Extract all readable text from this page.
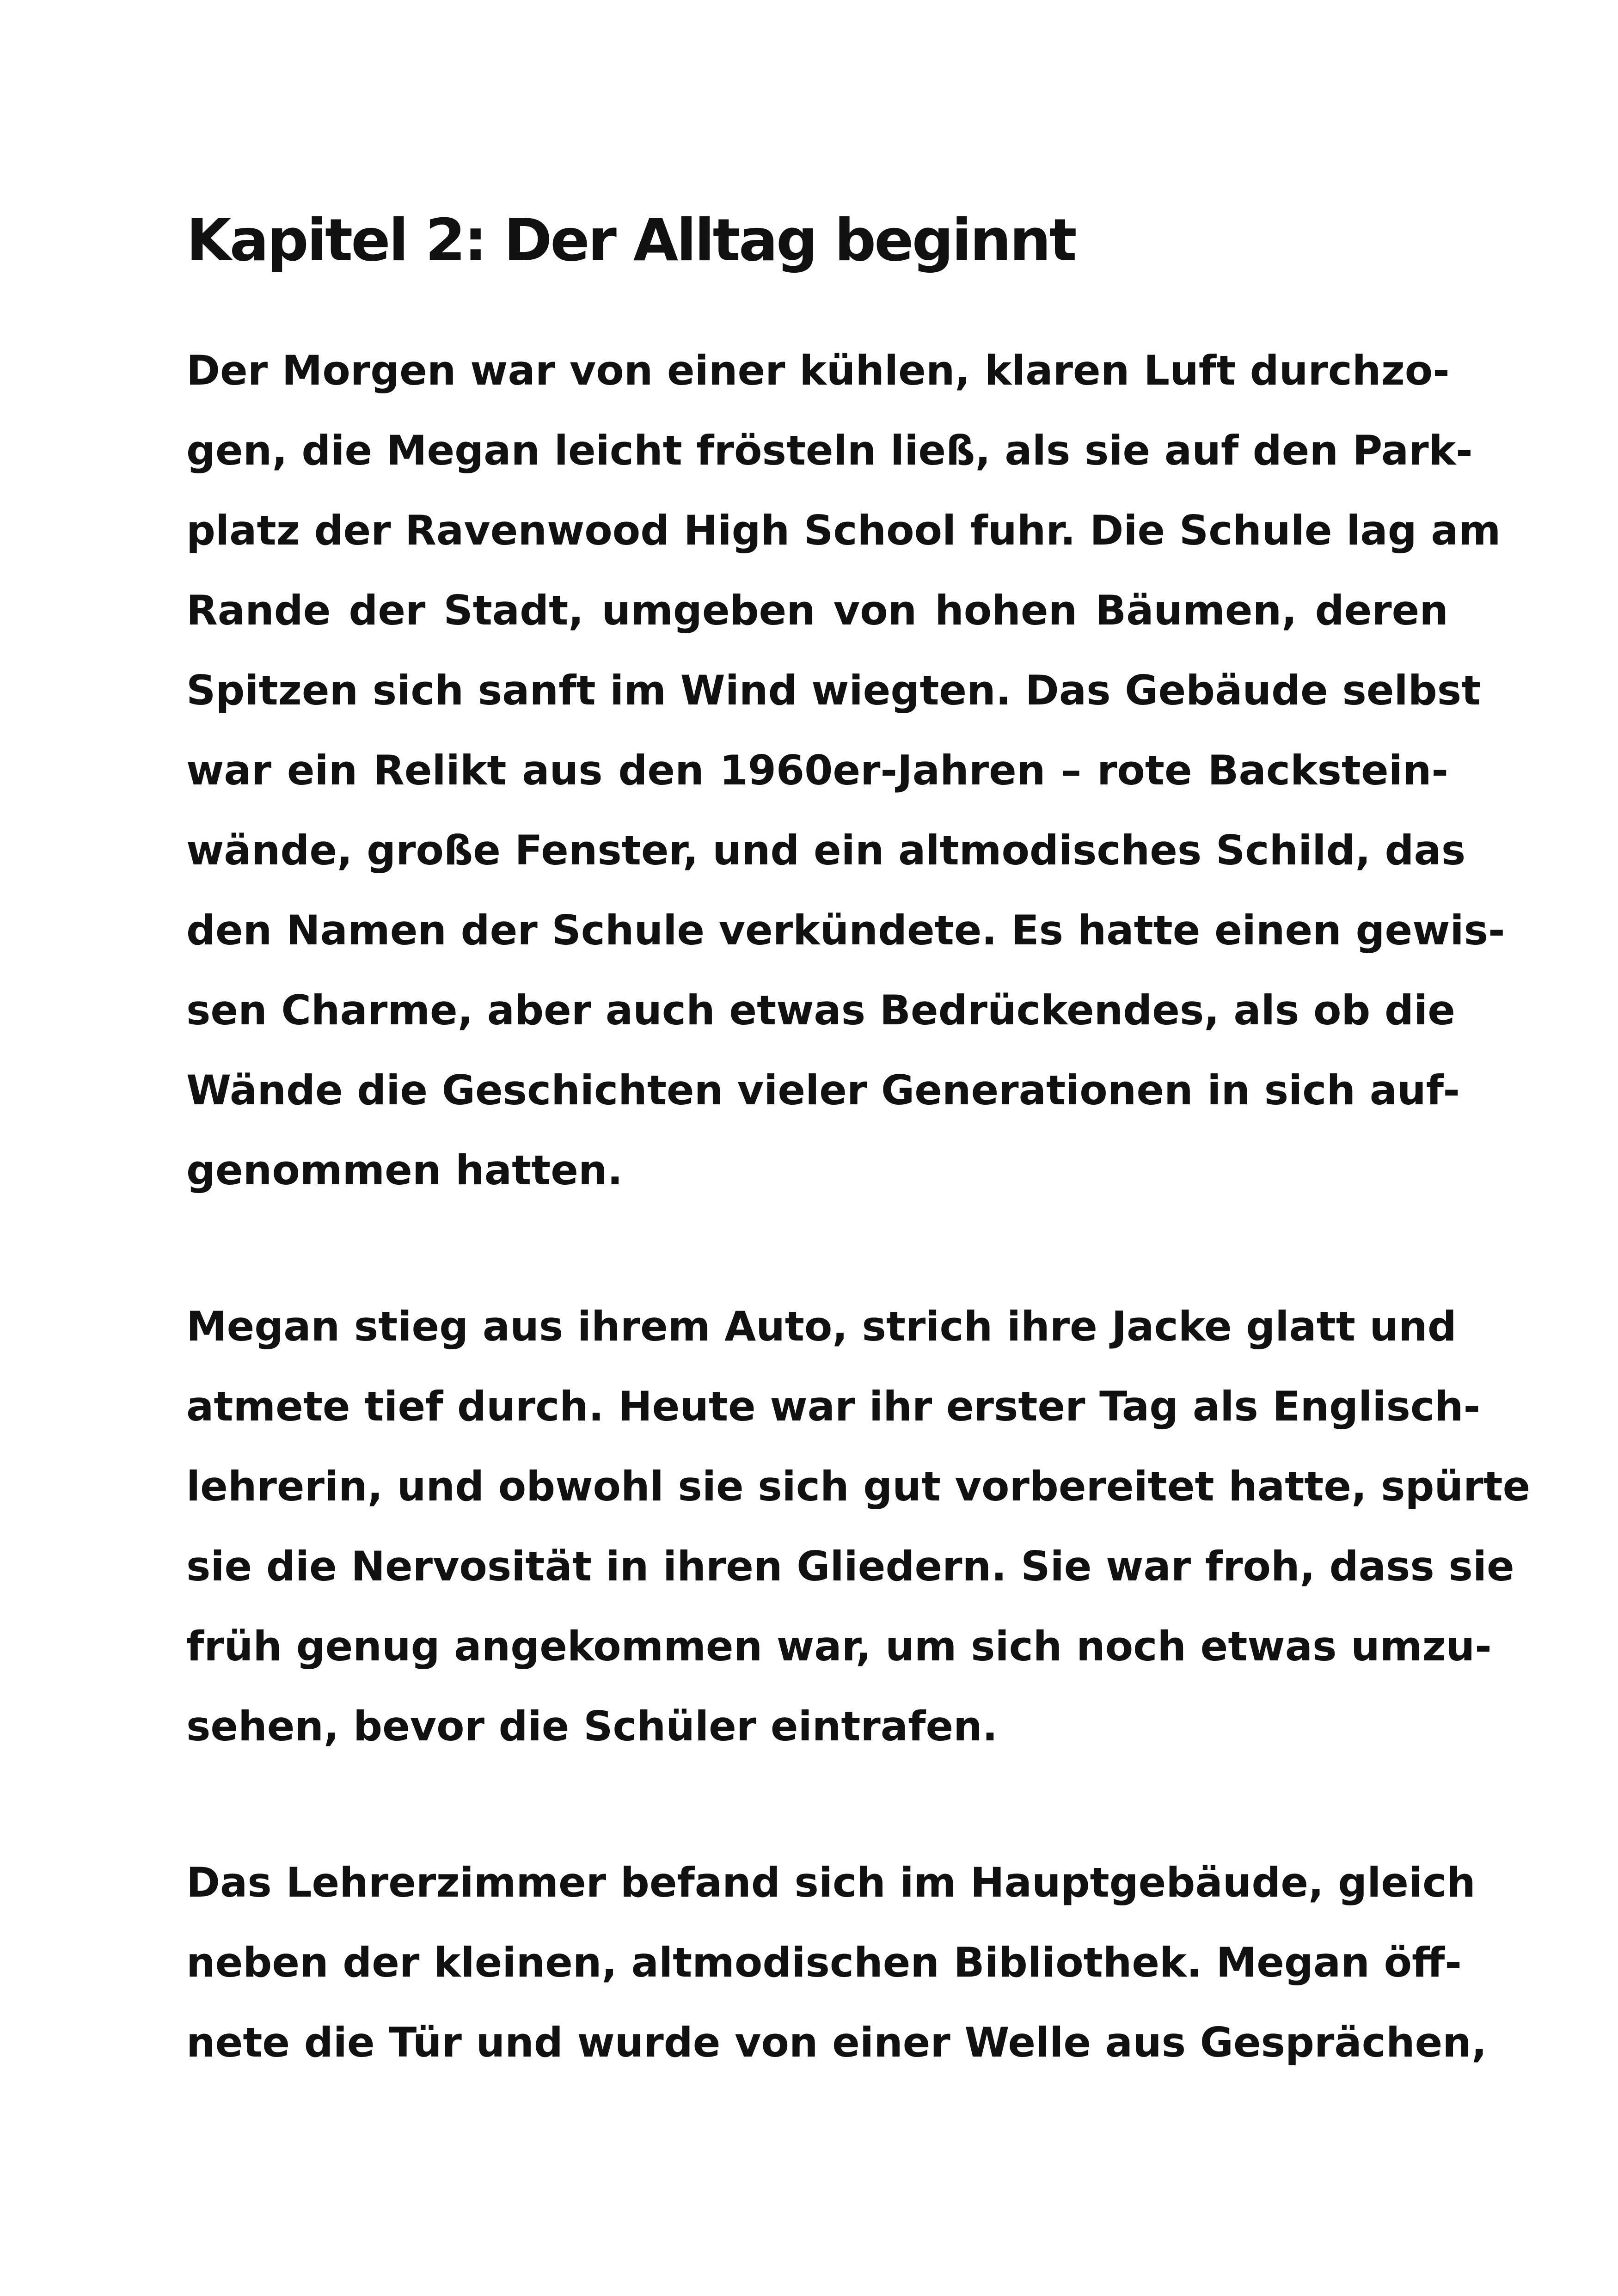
Kapitel 2: Der Alltag beginnt

Der Morgen war von einer kühlen, klaren Luft durchzo-
gen, die Megan leicht frösteln ließ, als sie auf den Park-
platz der Ravenwood High School fuhr. Die Schule lag am
Rande der Stadt, umgeben von hohen Bäumen, deren
Spitzen sich sanft im Wind wiegten. Das Gebäude selbst
war ein Relikt aus den 1960er-Jahren – rote Backstein-
wände, große Fenster, und ein altmodisches Schild, das
den Namen der Schule verkündete. Es hatte einen gewis-
sen Charme, aber auch etwas Bedrückendes, als ob die
Wände die Geschichten vieler Generationen in sich auf-
genommen hatten.

Megan stieg aus ihrem Auto, strich ihre Jacke glatt und
atmete tief durch. Heute war ihr erster Tag als Englisch-
lehrerin, und obwohl sie sich gut vorbereitet hatte, spürte
sie die Nervosität in ihren Gliedern. Sie war froh, dass sie
früh genug angekommen war, um sich noch etwas umzu-
sehen, bevor die Schüler eintrafen.

Das Lehrerzimmer befand sich im Hauptgebäude, gleich
neben der kleinen, altmodischen Bibliothek. Megan öff-
nete die Tür und wurde von einer Welle aus Gesprächen,
